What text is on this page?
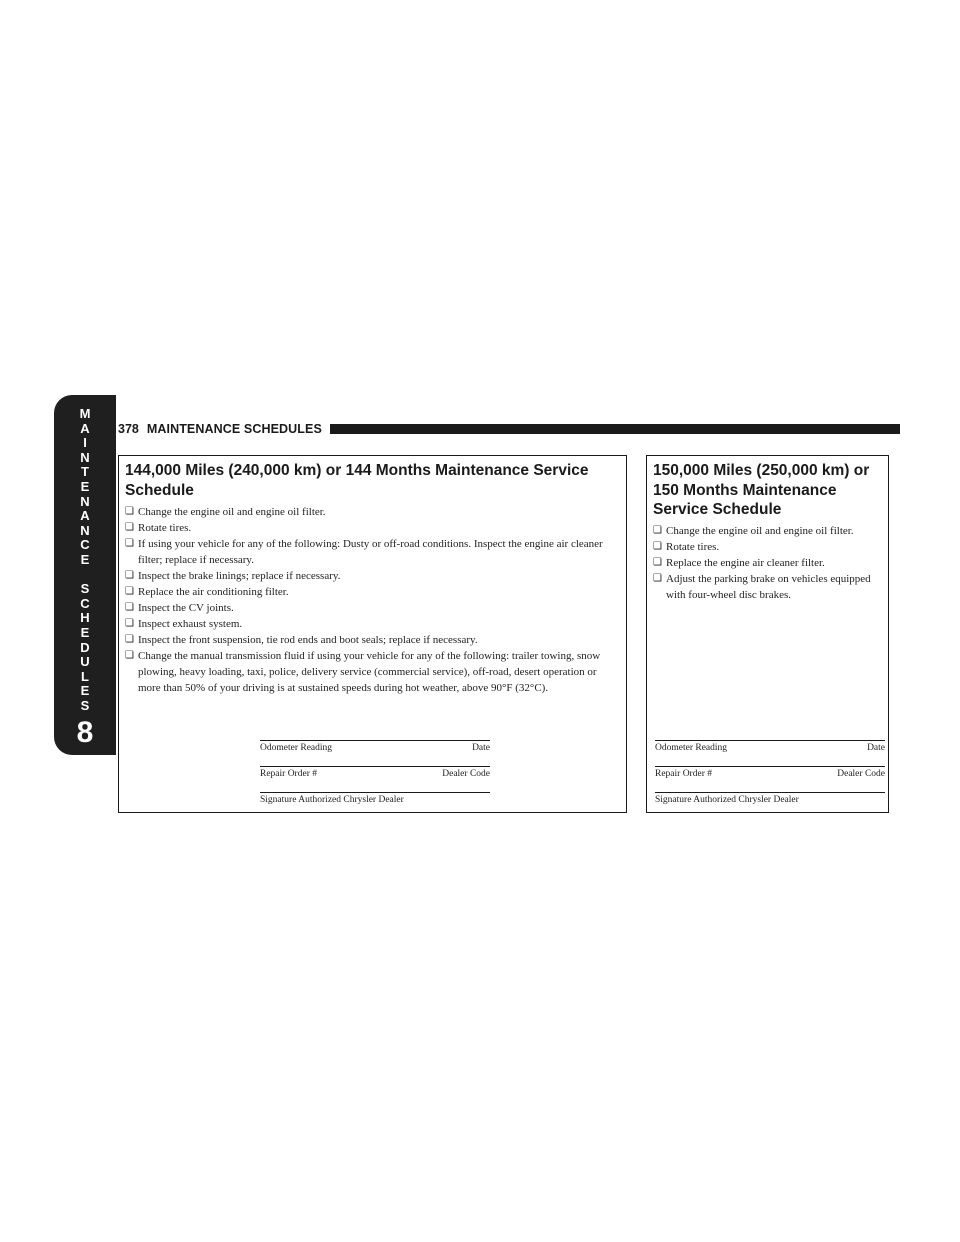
M
A
I
N
T
E
N
A
N
C
E
S
C
H
E
D
U
L
E
S
8
378 MAINTENANCE SCHEDULES
144,000 Miles (240,000 km) or 144 Months Maintenance Service Schedule
❏ Change the engine oil and engine oil filter.
❏ Rotate tires.
❏ If using your vehicle for any of the following: Dusty or off-road conditions. Inspect the engine air cleaner filter; replace if necessary.
❏ Inspect the brake linings; replace if necessary.
❏ Replace the air conditioning filter.
❏ Inspect the CV joints.
❏ Inspect exhaust system.
❏ Inspect the front suspension, tie rod ends and boot seals; replace if necessary.
❏ Change the manual transmission fluid if using your vehicle for any of the following: trailer towing, snow plowing, heavy loading, taxi, police, delivery service (commercial service), off-road, desert operation or more than 50% of your driving is at sustained speeds during hot weather, above 90°F (32°C).
Odometer Reading	Date
Repair Order #	Dealer Code
Signature Authorized Chrysler Dealer
150,000 Miles (250,000 km) or 150 Months Maintenance Service Schedule
❏ Change the engine oil and engine oil filter.
❏ Rotate tires.
❏ Replace the engine air cleaner filter.
❏ Adjust the parking brake on vehicles equipped with four-wheel disc brakes.
Odometer Reading	Date
Repair Order #	Dealer Code
Signature Authorized Chrysler Dealer
